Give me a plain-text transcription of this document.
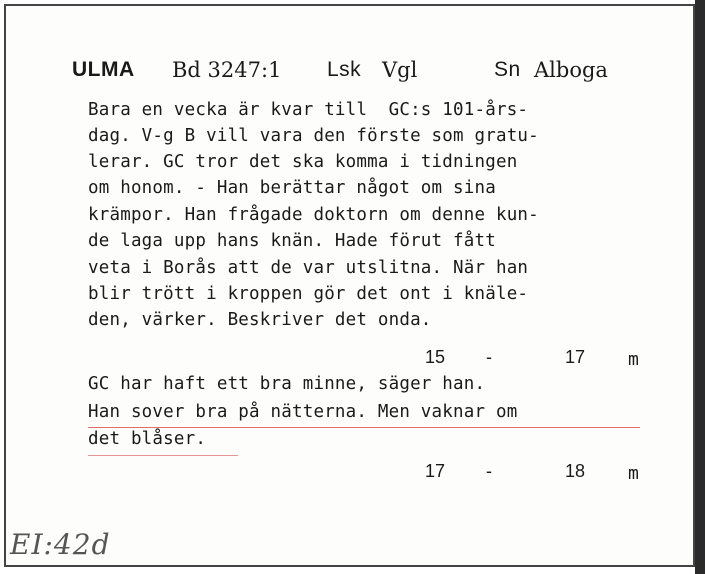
ULMA Bd 3247:1 Lsk Vgl	Sn Alboga
Bara en vecka är kvar till  GC:s 101-års-
dag. V-g B vill vara den förste som gratu-
lerar. GC tror det ska komma i tidningen
om honom. - Han berättar något om sina
krämpor. Han frågade doktorn om denne kun-
de laga upp hans knän. Hade förut fått
veta i Borås att de var utslitna. När han
blir trött i kroppen gör det ont i knäle-
den, värker. Beskriver det onda.
15 -	17 m
GC har haft ett bra minne, säger han.
Han sover bra på nätterna. Men vaknar om
det blåser.
17 -	18 m
EI:42d
